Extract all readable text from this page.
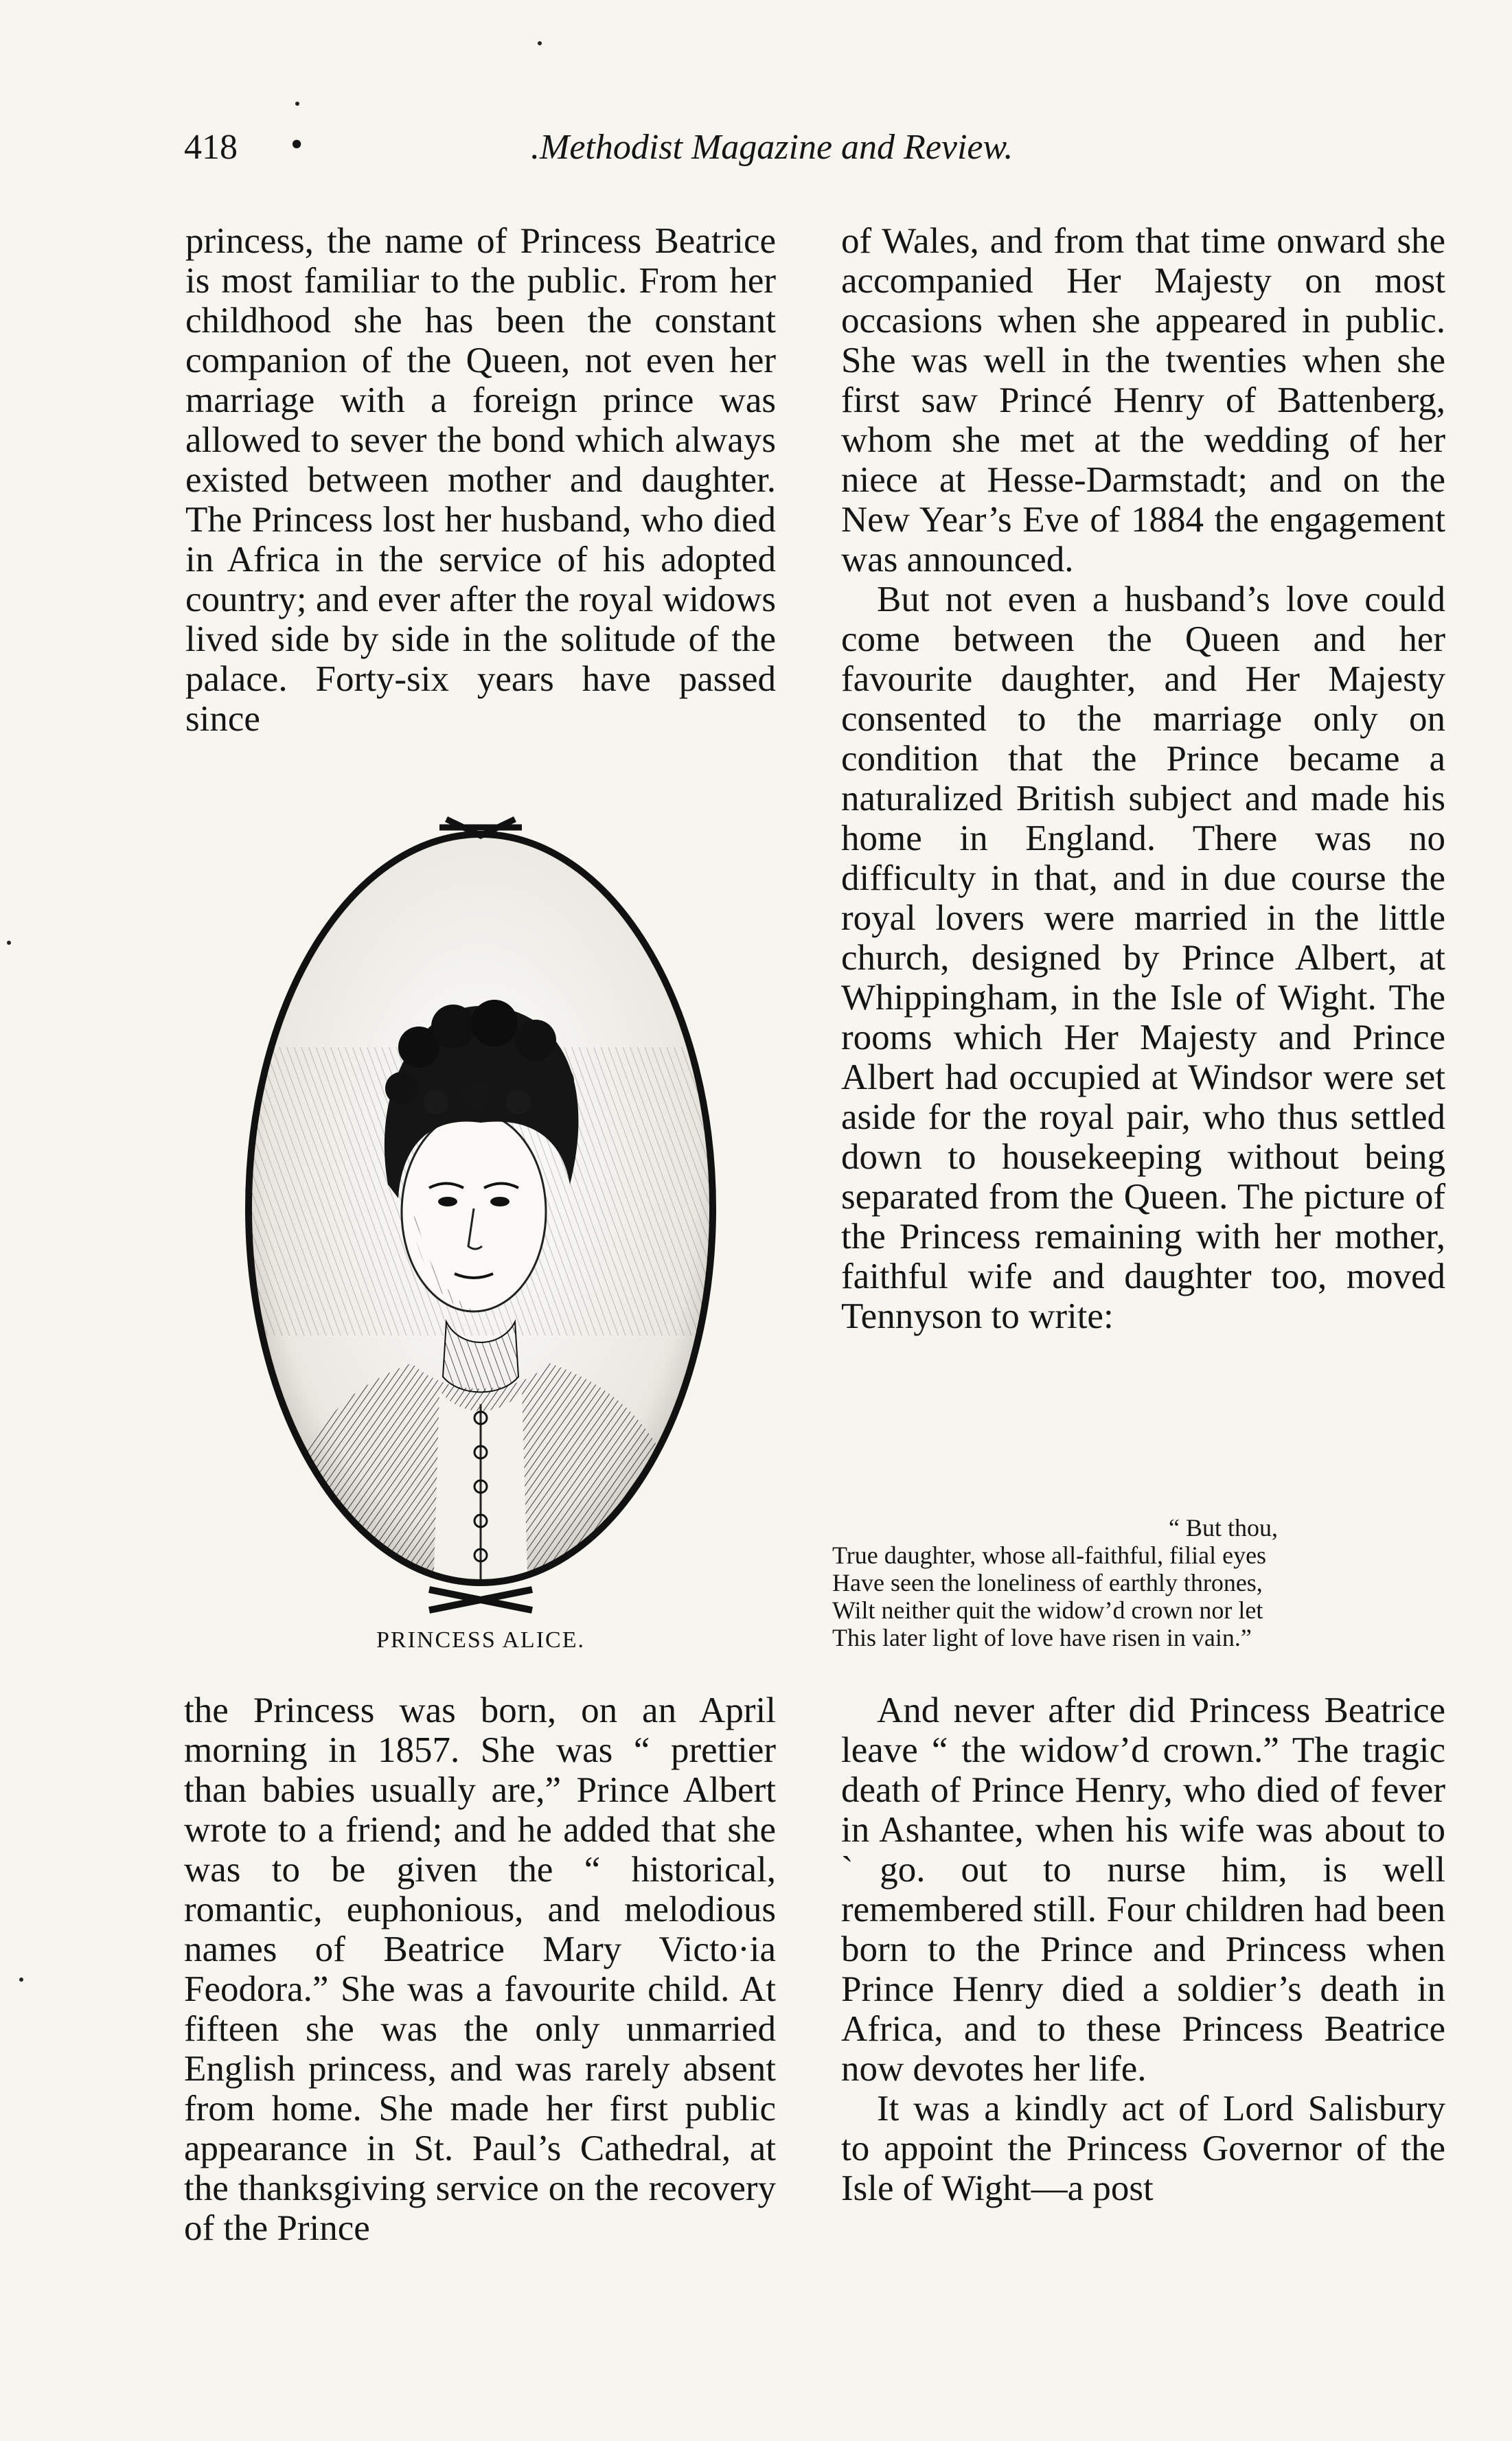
418 •	.Methodist Magazine and Review.

princess, the name of Princess Beatrice is most familiar to the public. From her childhood she has been the constant companion of the Queen, not even her marriage with a foreign prince was allowed to sever the bond which always existed between mother and daughter. The Princess lost her husband, who died in Africa in the service of his adopted country; and ever after the royal widows lived side by side in the solitude of the palace. Forty-six years have passed since

PRINCESS ALICE.

the Princess was born, on an April morning in 1857. She was “ prettier than babies usually are,” Prince Albert wrote to a friend; and he added that she was to be given the “ historical, romantic, euphonious, and melodious names of Beatrice Mary Victo·ia Feodora.” She was a favourite child. At fifteen she was the only unmarried English princess, and was rarely absent from home. She made her first public appearance in St. Paul’s Cathedral, at the thanksgiving service on the recovery of the Prince

of Wales, and from that time onward she accompanied Her Majesty on most occasions when she appeared in public. She was well in the twenties when she first saw Princé Henry of Battenberg, whom she met at the wedding of her niece at Hesse-Darmstadt; and on the New Year’s Eve of 1884 the engagement was announced.

But not even a husband’s love could come between the Queen and her favourite daughter, and Her Majesty consented to the marriage only on condition that the Prince became a naturalized British subject and made his home in England. There was no difficulty in that, and in due course the royal lovers were married in the little church, designed by Prince Albert, at Whippingham, in the Isle of Wight. The rooms which Her Majesty and Prince Albert had occupied at Windsor were set aside for the royal pair, who thus settled down to housekeeping without being separated from the Queen. The picture of the Princess remaining with her mother, faithful wife and daughter too, moved Tennyson to write:

“ But thou,
True daughter, whose all-faithful, filial eyes
Have seen the loneliness of earthly thrones,
Wilt neither quit the widow’d crown nor let
This later light of love have risen in vain.”

And never after did Princess Beatrice leave “ the widow’d crown.” The tragic death of Prince Henry, who died of fever in Ashantee, when his wife was about to ˋgo. out to nurse him, is well remembered still. Four children had been born to the Prince and Princess when Prince Henry died a soldier’s death in Africa, and to these Princess Beatrice now devotes her life.

It was a kindly act of Lord Salisbury to appoint the Princess Governor of the Isle of Wight—a post
